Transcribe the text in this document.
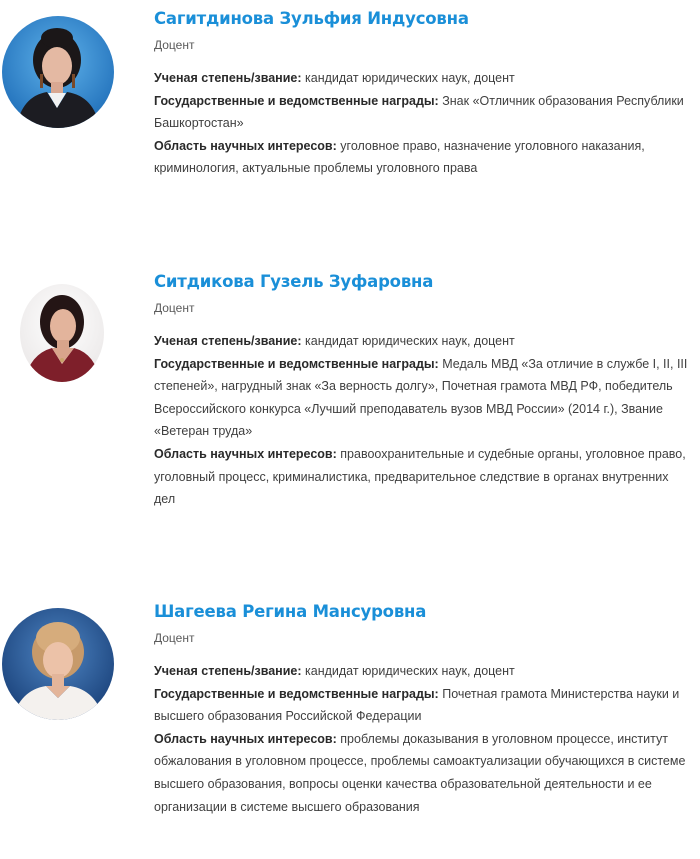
Сагитдинова Зульфия Индусовна
Доцент

Ученая степень/звание: кандидат юридических наук, доцент

Государственные и ведомственные награды: Знак «Отличник образования Республики Башкортостан»

Область научных интересов: уголовное право, назначение уголовного наказания, криминология, актуальные проблемы уголовного права

Ситдикова Гузель Зуфаровна
Доцент

Ученая степень/звание: кандидат юридических наук, доцент

Государственные и ведомственные награды: Медаль МВД «За отличие в службе I, II, III степеней», нагрудный знак «За верность долгу», Почетная грамота МВД РФ, победитель Всероссийского конкурса «Лучший преподаватель вузов МВД России» (2014 г.), Звание «Ветеран труда»

Область научных интересов: правоохранительные и судебные органы, уголовное право, уголовный процесс, криминалистика, предварительное следствие в органах внутренних дел

Шагеева Регина Мансуровна
Доцент

Ученая степень/звание: кандидат юридических наук, доцент

Государственные и ведомственные награды: Почетная грамота Министерства науки и высшего образования Российской Федерации

Область научных интересов: проблемы доказывания в уголовном процессе, институт обжалования в уголовном процессе, проблемы самоактуализации обучающихся в системе высшего образования, вопросы оценки качества образовательной деятельности и ее организации в системе высшего образования
